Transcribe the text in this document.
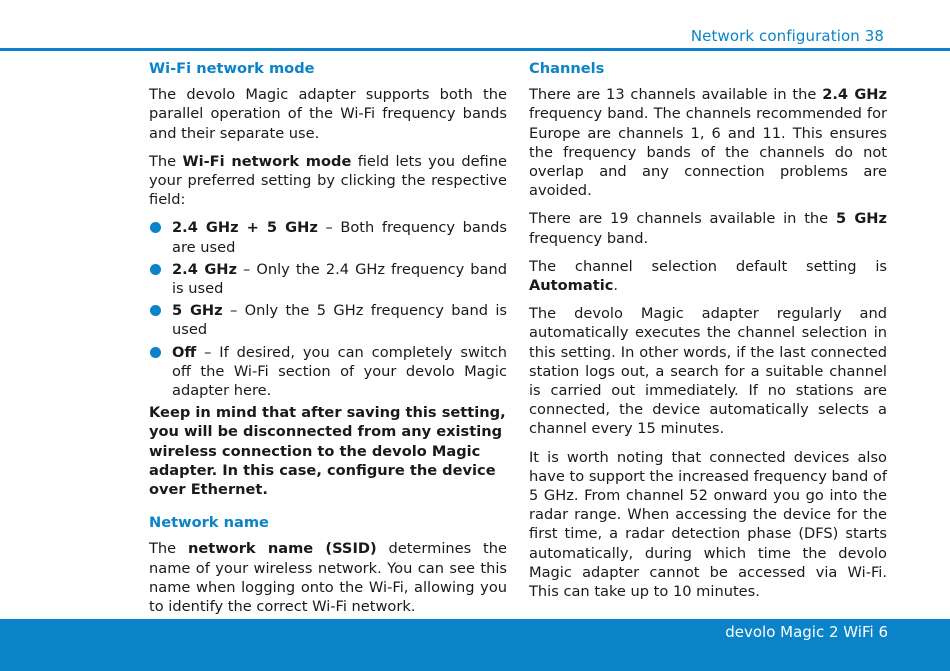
Network configuration 38
Wi-Fi network mode

The devolo Magic adapter supports both the parallel operation of the Wi-Fi frequency bands and their separate use.

The Wi-Fi network mode field lets you define your preferred setting by clicking the respective field:

2.4 GHz + 5 GHz – Both frequency bands are used
2.4 GHz – Only the 2.4 GHz frequency band is used
5 GHz – Only the 5 GHz frequency band is used
Off – If desired, you can completely switch off the Wi-Fi section of your devolo Magic adapter here.

Keep in mind that after saving this setting, you will be disconnected from any existing wireless connection to the devolo Magic adapter. In this case, configure the device over Ethernet.

Network name

The network name (SSID) determines the name of your wireless network. You can see this name when logging onto the Wi-Fi, allowing you to identify the correct Wi-Fi network.

Channels

There are 13 channels available in the 2.4 GHz frequency band. The channels recommended for Europe are channels 1, 6 and 11. This ensures the frequency bands of the channels do not overlap and any connection problems are avoided.

There are 19 channels available in the 5 GHz frequency band.

The channel selection default setting is Automatic.

The devolo Magic adapter regularly and automatically executes the channel selection in this setting. In other words, if the last connected station logs out, a search for a suitable channel is carried out immediately. If no stations are connected, the device automatically selects a channel every 15 minutes.

It is worth noting that connected devices also have to support the increased frequency band of 5 GHz. From channel 52 onward you go into the radar range. When accessing the device for the first time, a radar detection phase (DFS) starts automatically, during which time the devolo Magic adapter cannot be accessed via Wi-Fi. This can take up to 10 minutes.

devolo Magic 2 WiFi 6
